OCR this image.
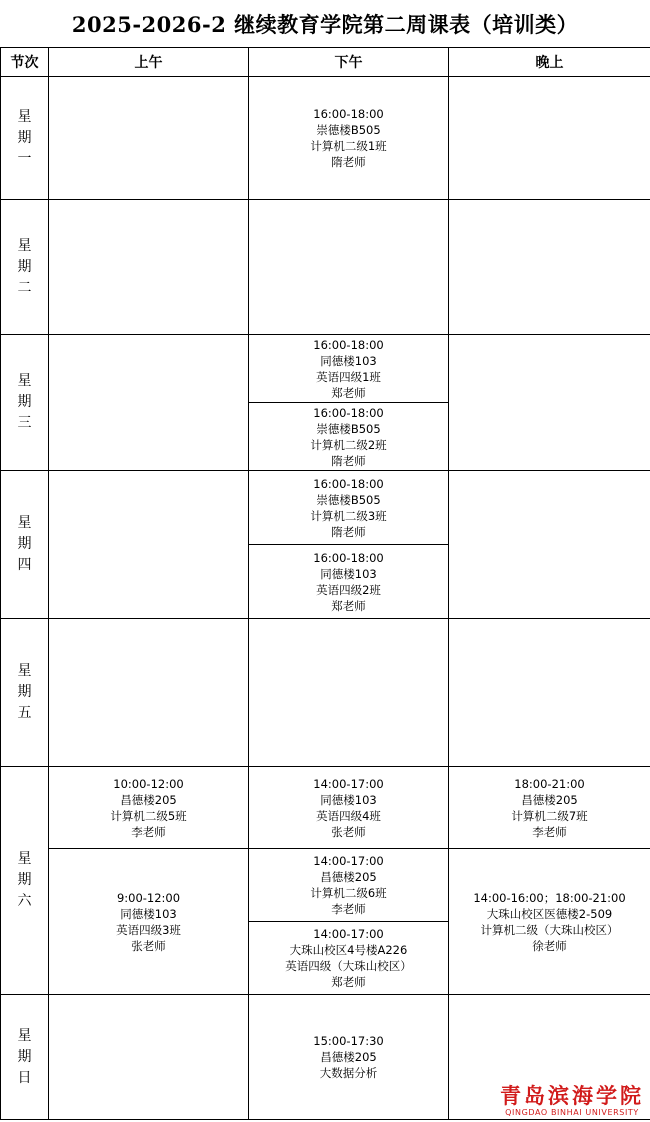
2025-2026-2 继续教育学院第二周课表（培训类）
节次	上午	下午	晚上
星期一		16:00-18:00
崇德楼B505
计算机二级1班
隋老师	

星期二			
星期三		16:00-18:00
同德楼103
英语四级1班
郑老师	

		16:00-18:00
崇德楼B505
计算机二级2班
隋老师	

星期四		16:00-18:00
崇德楼B505
计算机二级3班
隋老师	

		16:00-18:00
同德楼103
英语四级2班
郑老师	

星期五			
星期六	10:00-12:00
昌德楼205
计算机二级5班
李老师	14:00-17:00
同德楼103
英语四级4班
张老师	18:00-21:00
昌德楼205
计算机二级7班
李老师

	9:00-12:00
同德楼103
英语四级3班
张老师	14:00-17:00
昌德楼205
计算机二级6班
李老师	14:00-16:00；18:00-21:00
大珠山校区医德楼2-509
计算机二级（大珠山校区）
徐老师

		14:00-17:00
大珠山校区4号楼A226
英语四级（大珠山校区）
郑老师	

星期日		15:00-17:30
昌德楼205
大数据分析	

青岛滨海学院
QINGDAO BINHAI UNIVERSITY
